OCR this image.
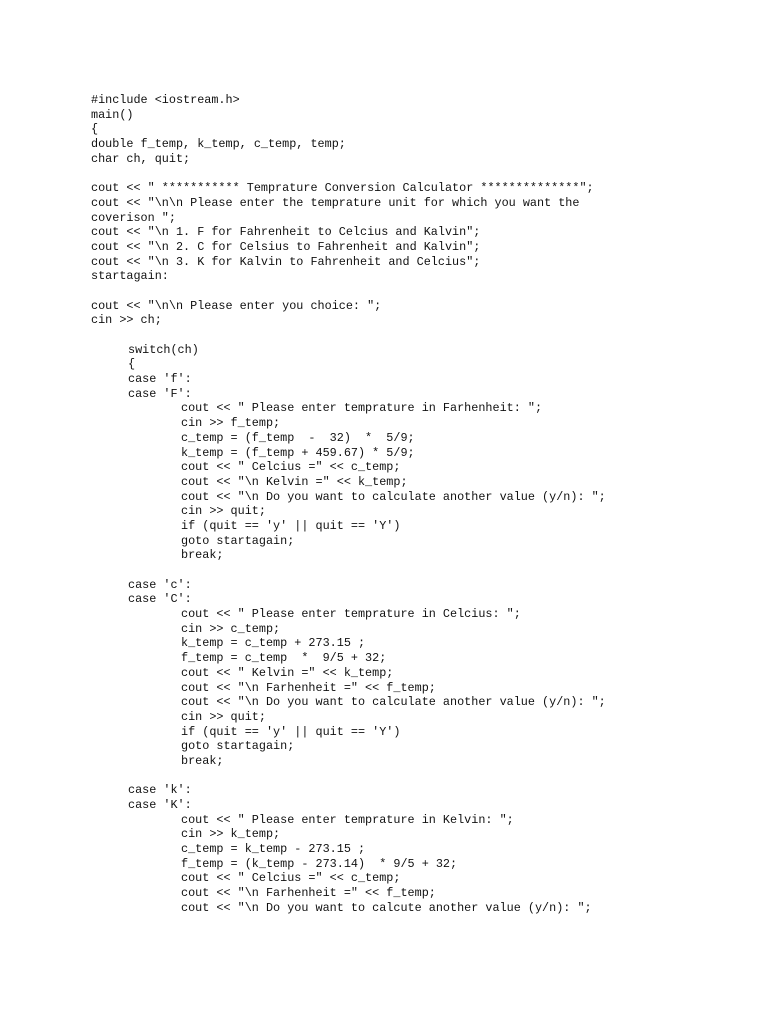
#include <iostream.h>
main()
{
double f_temp, k_temp, c_temp, temp;
char ch, quit;
cout << " *********** Temprature Conversion Calculator **************";
cout << "\n\n Please enter the temprature unit for which you want the
coverison ";
cout << "\n 1. F for Fahrenheit to Celcius and Kalvin";
cout << "\n 2. C for Celsius to Fahrenheit and Kalvin";
cout << "\n 3. K for Kalvin to Fahrenheit and Celcius";
startagain:
cout << "\n\n Please enter you choice: ";
cin >> ch;
switch(ch)
{
case 'f':
case 'F':
cout << " Please enter temprature in Farhenheit: ";
cin >> f_temp;
c_temp = (f_temp  -  32)  *  5/9;
k_temp = (f_temp + 459.67) * 5/9;
cout << " Celcius =" << c_temp;
cout << "\n Kelvin =" << k_temp;
cout << "\n Do you want to calculate another value (y/n): ";
cin >> quit;
if (quit == 'y' || quit == 'Y')
goto startagain;
break;
case 'c':
case 'C':
cout << " Please enter temprature in Celcius: ";
cin >> c_temp;
k_temp = c_temp + 273.15 ;
f_temp = c_temp  *  9/5 + 32;
cout << " Kelvin =" << k_temp;
cout << "\n Farhenheit =" << f_temp;
cout << "\n Do you want to calculate another value (y/n): ";
cin >> quit;
if (quit == 'y' || quit == 'Y')
goto startagain;
break;
case 'k':
case 'K':
cout << " Please enter temprature in Kelvin: ";
cin >> k_temp;
c_temp = k_temp - 273.15 ;
f_temp = (k_temp - 273.14)  * 9/5 + 32;
cout << " Celcius =" << c_temp;
cout << "\n Farhenheit =" << f_temp;
cout << "\n Do you want to calcute another value (y/n): ";
